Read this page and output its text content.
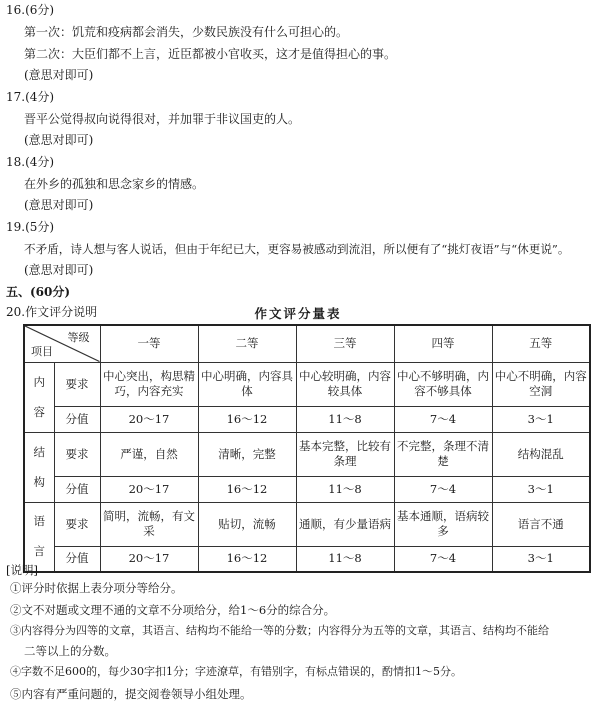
16.(6分)
第一次：饥荒和疫病都会消失，少数民族没有什么可担心的。
第二次：大臣们都不上言，近臣都被小官收买，这才是值得担心的事。
(意思对即可)
17.(4分)
晋平公觉得叔向说得很对，并加罪于非议国吏的人。
(意思对即可)
18.(4分)
在外乡的孤独和思念家乡的情感。
(意思对即可)
19.(5分)
不矛盾，诗人想与客人说话，但由于年纪已大，更容易被感动到流泪，所以便有了“挑灯夜语”与“休更说”。
(意思对即可)
五、(60分)
20.作文评分说明	作文评分量表
等级
项目		一等	二等	三等	四等	五等
内

容	要求	中心突出，构思精巧，内容充实	中心明确，内容具体	中心较明确，内容较具体	中心不够明确，内容不够具体	中心不明确，内容空洞
	分值	20～17	16～12	11～8	7～4	3～1
结

构	要求	严谨，自然	清晰，完整	基本完整，比较有条理	不完整，条理不清楚	结构混乱
	分值	20～17	16～12	11～8	7～4	3～1
语

言	要求	简明，流畅，有文采	贴切，流畅	通顺，有少量语病	基本通顺，语病较多	语言不通
	分值	20～17	16～12	11～8	7～4	3～1
[说明]
①评分时依据上表分项分等给分。
②文不对题或文理不通的文章不分项给分，给1～6分的综合分。
③内容得分为四等的文章，其语言、结构均不能给一等的分数；内容得分为五等的文章，其语言、结构均不能给
二等以上的分数。
④字数不足600的，每少30字扣1分；字迹潦草，有错别字，有标点错误的，酌情扣1～5分。
⑤内容有严重问题的，提交阅卷领导小组处理。
